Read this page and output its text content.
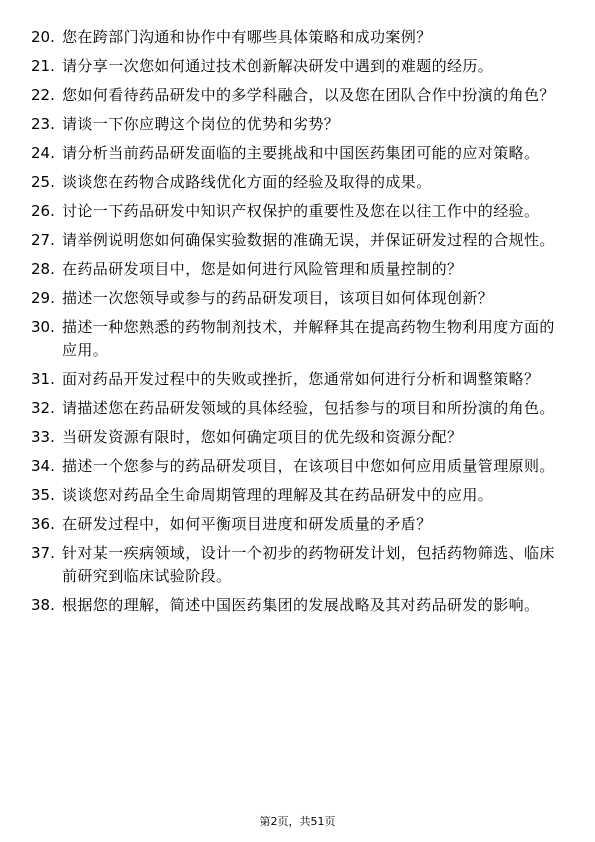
20. 您在跨部门沟通和协作中有哪些具体策略和成功案例？
21. 请分享一次您如何通过技术创新解决研发中遇到的难题的经历。
22. 您如何看待药品研发中的多学科融合，以及您在团队合作中扮演的角色？
23. 请谈一下你应聘这个岗位的优势和劣势？
24. 请分析当前药品研发面临的主要挑战和中国医药集团可能的应对策略。
25. 谈谈您在药物合成路线优化方面的经验及取得的成果。
26. 讨论一下药品研发中知识产权保护的重要性及您在以往工作中的经验。
27. 请举例说明您如何确保实验数据的准确无误，并保证研发过程的合规性。
28. 在药品研发项目中，您是如何进行风险管理和质量控制的？
29. 描述一次您领导或参与的药品研发项目，该项目如何体现创新？
30. 描述一种您熟悉的药物制剂技术，并解释其在提高药物生物利用度方面的应用。
31. 面对药品开发过程中的失败或挫折，您通常如何进行分析和调整策略？
32. 请描述您在药品研发领域的具体经验，包括参与的项目和所扮演的角色。
33. 当研发资源有限时，您如何确定项目的优先级和资源分配？
34. 描述一个您参与的药品研发项目，在该项目中您如何应用质量管理原则。
35. 谈谈您对药品全生命周期管理的理解及其在药品研发中的应用。
36. 在研发过程中，如何平衡项目进度和研发质量的矛盾？
37. 针对某一疾病领域，设计一个初步的药物研发计划，包括药物筛选、临床前研究到临床试验阶段。
38. 根据您的理解，简述中国医药集团的发展战略及其对药品研发的影响。
第2页，共51页
